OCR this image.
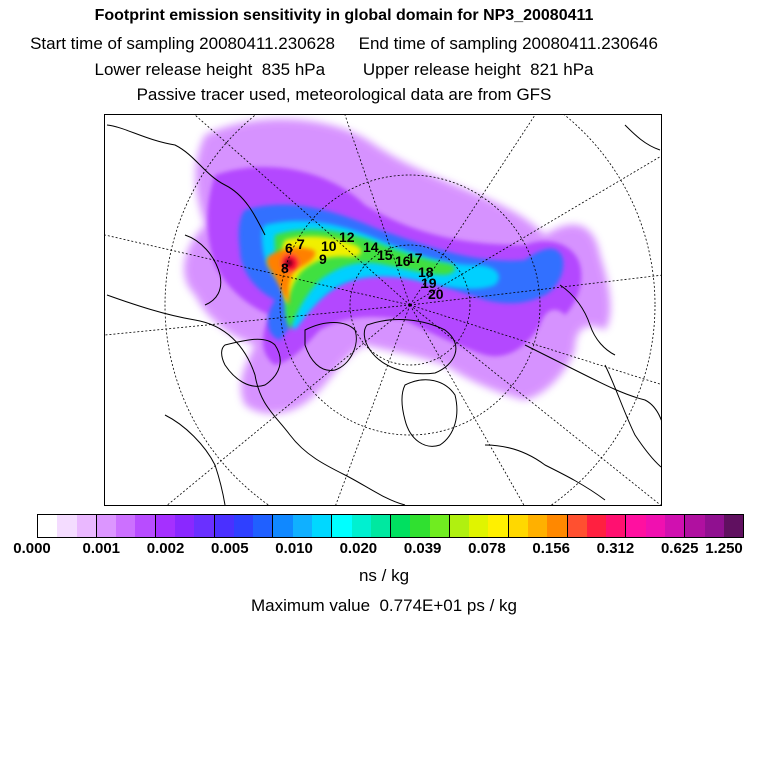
Footprint emission sensitivity in global domain for NP3_20080411
Start time of sampling 20080411.230628     End time of sampling 20080411.230646
Lower release height  835 hPa        Upper release height  821 hPa
Passive tracer used, meteorological data are from GFS
6 7
8
9
10
12
14
15 16
17
18
19
20
0.000 0.001 0.002 0.005 0.010 0.020 0.039 0.078 0.156 0.312 0.625 1.250
ns / kg
Maximum value  0.774E+01 ps / kg
